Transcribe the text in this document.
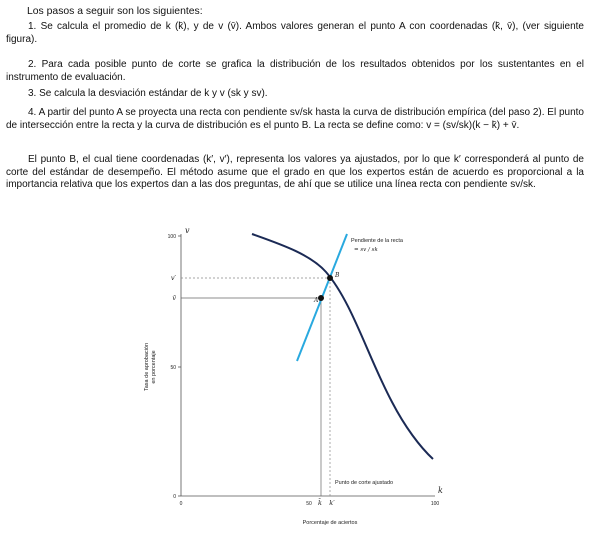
Los pasos a seguir son los siguientes:
1. Se calcula el promedio de k (k̄), y de v (v̄). Ambos valores generan el punto A con coordenadas (k̄, v̄), (ver siguiente figura).
2. Para cada posible punto de corte se grafica la distribución de los resultados obtenidos por los sustentantes en el instrumento de evaluación.
3. Se calcula la desviación estándar de k y v (sk y sv).
4. A partir del punto A se proyecta una recta con pendiente sv/sk hasta la curva de distribución empírica (del paso 2). El punto de intersección entre la recta y la curva de distribución es el punto B. La recta se define como: v = (sv/sk)(k − k̄) + v̄.
El punto B, el cual tiene coordenadas (k′, v′), representa los valores ya ajustados, por lo que k′ corresponderá al punto de corte del estándar de desempeño. El método asume que el grado en que los expertos están de acuerdo es proporcional a la importancia relativa que los expertos dan a las dos preguntas, de ahí que se utilice una línea recta con pendiente sv/sk.
v
k
100
50
0
0	50	100
Tasa de aprobación en porcentaje
Porcentaje de aciertos
v′
v̄
k̄ k′
A
B
Pendiente de la recta
= sv / sk
Punto de corte ajustado
